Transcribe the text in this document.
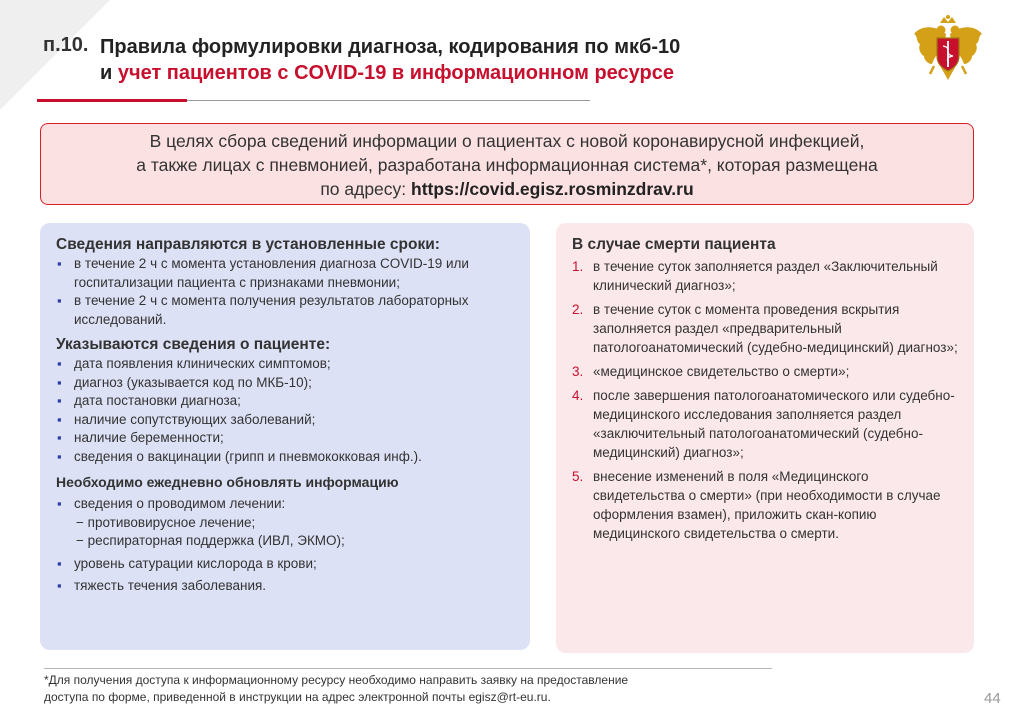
п.10. Правила формулировки диагноза, кодирования по мкб-10
и учет пациентов с COVID-19 в информационном ресурсе
В целях сбора сведений информации о пациентах с новой коронавирусной инфекцией,
а также лицах с пневмонией, разработана информационная система*, которая размещена
по адресу: https://covid.egisz.rosminzdrav.ru
Сведения направляются в установленные сроки:
▪ в течение 2 ч с момента установления диагноза COVID-19 или госпитализации пациента с признаками пневмонии;
▪ в течение 2 ч с момента получения результатов лабораторных исследований.
Указываются сведения о пациенте:
▪ дата появления клинических симптомов;
▪ диагноз (указывается код по МКБ-10);
▪ дата постановки диагноза;
▪ наличие сопутствующих заболеваний;
▪ наличие беременности;
▪ сведения о вакцинации (грипп и пневмококковая инф.).
Необходимо ежедневно обновлять информацию
▪ сведения о проводимом лечении:
− противовирусное лечение;
− респираторная поддержка (ИВЛ, ЭКМО);
▪ уровень сатурации кислорода в крови;
▪ тяжесть течения заболевания.
В случае смерти пациента
1. в течение суток заполняется раздел «Заключительный клинический диагноз»;
2. в течение суток с момента проведения вскрытия заполняется раздел «предварительный патологоанатомический (судебно-медицинский) диагноз»;
3. «медицинское свидетельство о смерти»;
4. после завершения патологоанатомического или судебно-медицинского исследования заполняется раздел «заключительный патологоанатомический (судебно-медицинский) диагноз»;
5. внесение изменений в поля «Медицинского свидетельства о смерти» (при необходимости в случае оформления взамен), приложить скан-копию медицинского свидетельства о смерти.
*Для получения доступа к информационному ресурсу необходимо направить заявку на предоставление
доступа по форме, приведенной в инструкции на адрес электронной почты egisz@rt-eu.ru.	44
